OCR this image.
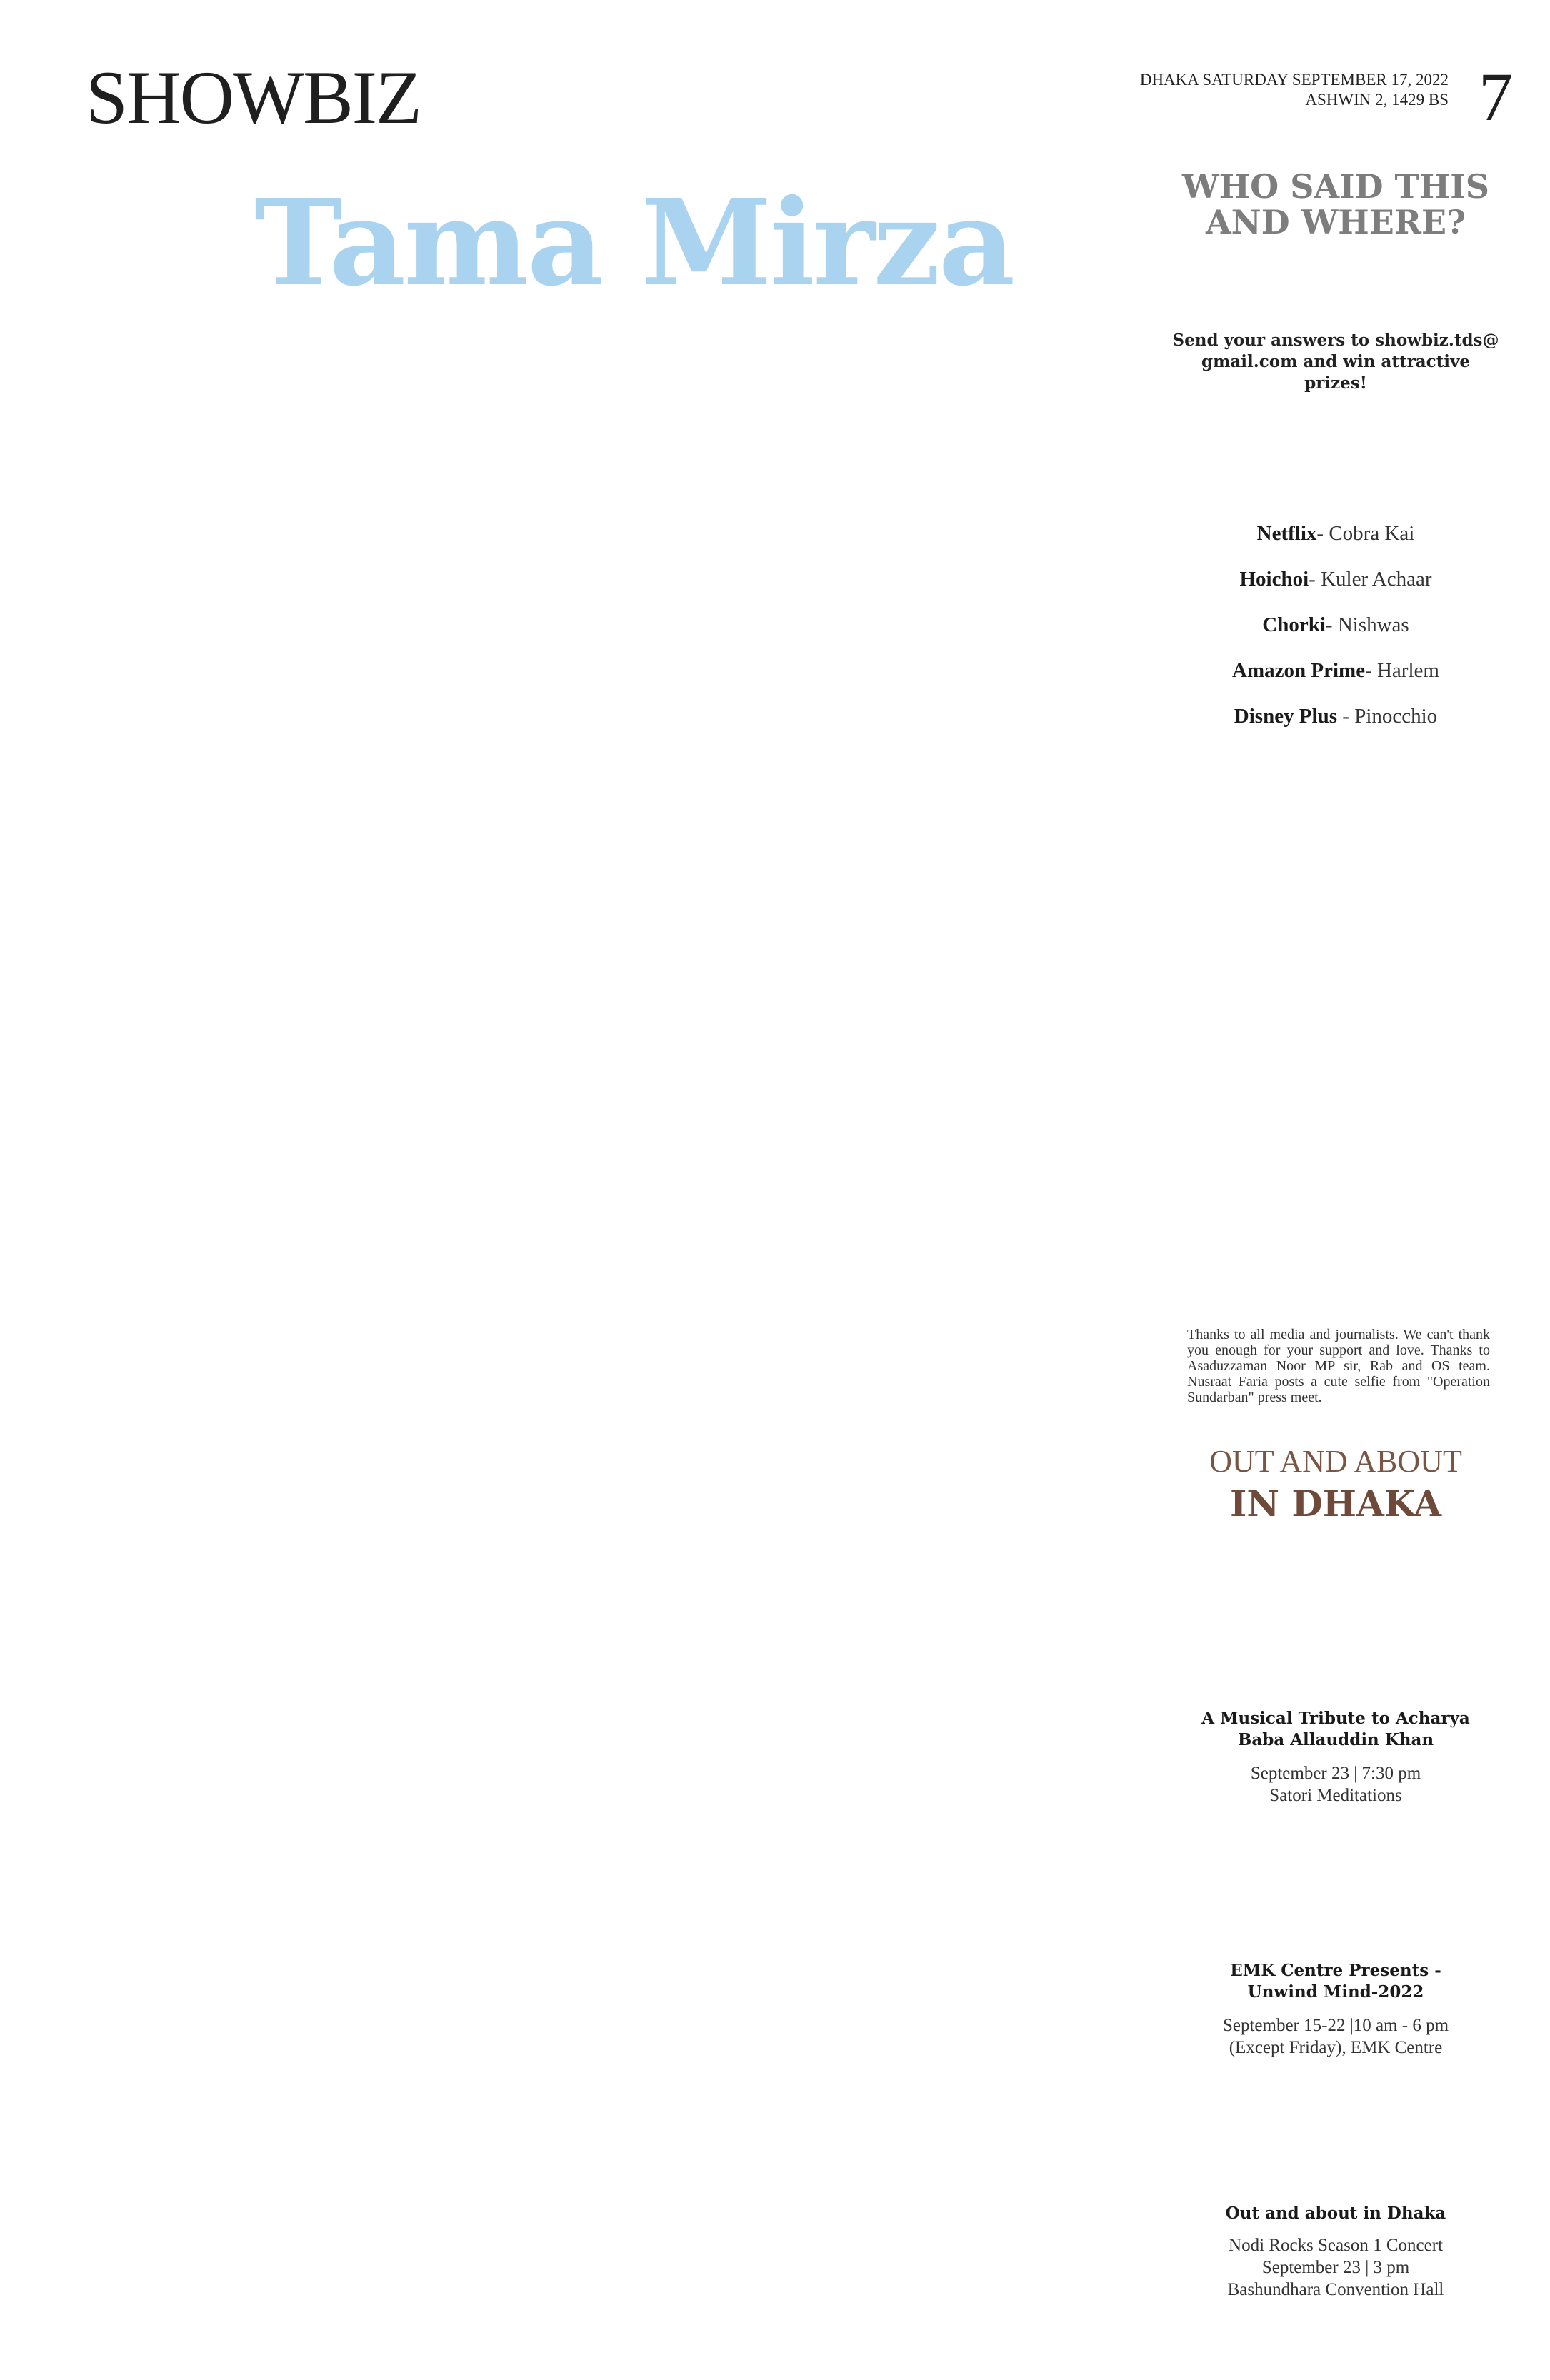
SHOWBIZ	DHAKA SATURDAY SEPTEMBER 17, 2022
ASHWIN 2, 1429 BS 7
Tama Mirza	WHO SAID THIS
AND WHERE?
Send your answers to showbiz.tds@
gmail.com and win attractive prizes!
Netflix- Cobra Kai
Hoichoi- Kuler Achaar
Chorki- Nishwas
Amazon Prime- Harlem
Disney Plus - Pinocchio
Thanks to all media and journalists. We can't thank you enough for your support and love. Thanks to Asaduzzaman Noor MP sir, Rab and OS team. Nusraat Faria posts a cute selfie from "Operation Sundarban" press meet.
OUT AND ABOUT
IN DHAKA
A Musical Tribute to Acharya
Baba Allauddin Khan
September 23 | 7:30 pm
Satori Meditations
EMK Centre Presents -
Unwind Mind-2022
September 15-22 |10 am - 6 pm
(Except Friday), EMK Centre
Out and about in Dhaka
Nodi Rocks Season 1 Concert
September 23 | 3 pm
Bashundhara Convention Hall
